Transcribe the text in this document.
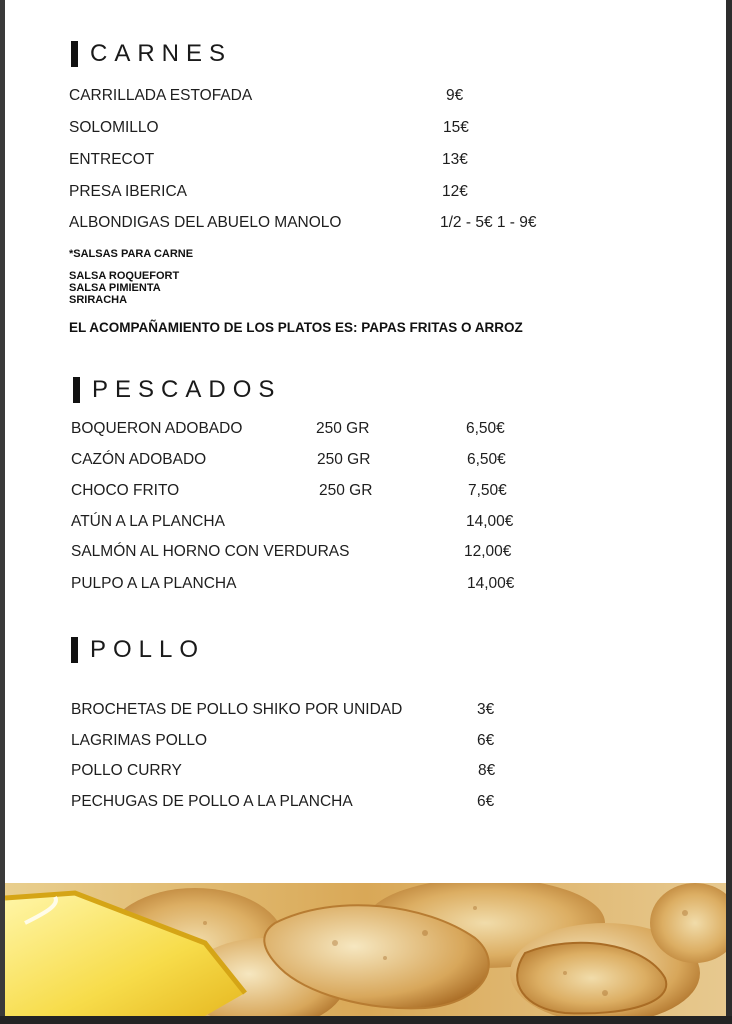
CARNES
CARRILLADA ESTOFADA	9€
SOLOMILLO	15€
ENTRECOT	13€
PRESA IBERICA	12€
ALBONDIGAS DEL ABUELO MANOLO	1/2 - 5€ 1 - 9€
*SALSAS PARA CARNE
SALSA ROQUEFORT
SALSA PIMIENTA
SRIRACHA
EL ACOMPAÑAMIENTO DE LOS PLATOS ES: PAPAS FRITAS O ARROZ
PESCADOS
BOQUERON ADOBADO	250 GR	6,50€
CAZÓN ADOBADO	250 GR	6,50€
CHOCO FRITO	250 GR	7,50€
ATÚN A LA PLANCHA	14,00€
SALMÓN AL HORNO CON VERDURAS	12,00€
PULPO A LA PLANCHA	14,00€
POLLO
BROCHETAS DE POLLO SHIKO POR UNIDAD	3€
LAGRIMAS POLLO	6€
POLLO CURRY	8€
PECHUGAS DE POLLO A LA PLANCHA	6€
